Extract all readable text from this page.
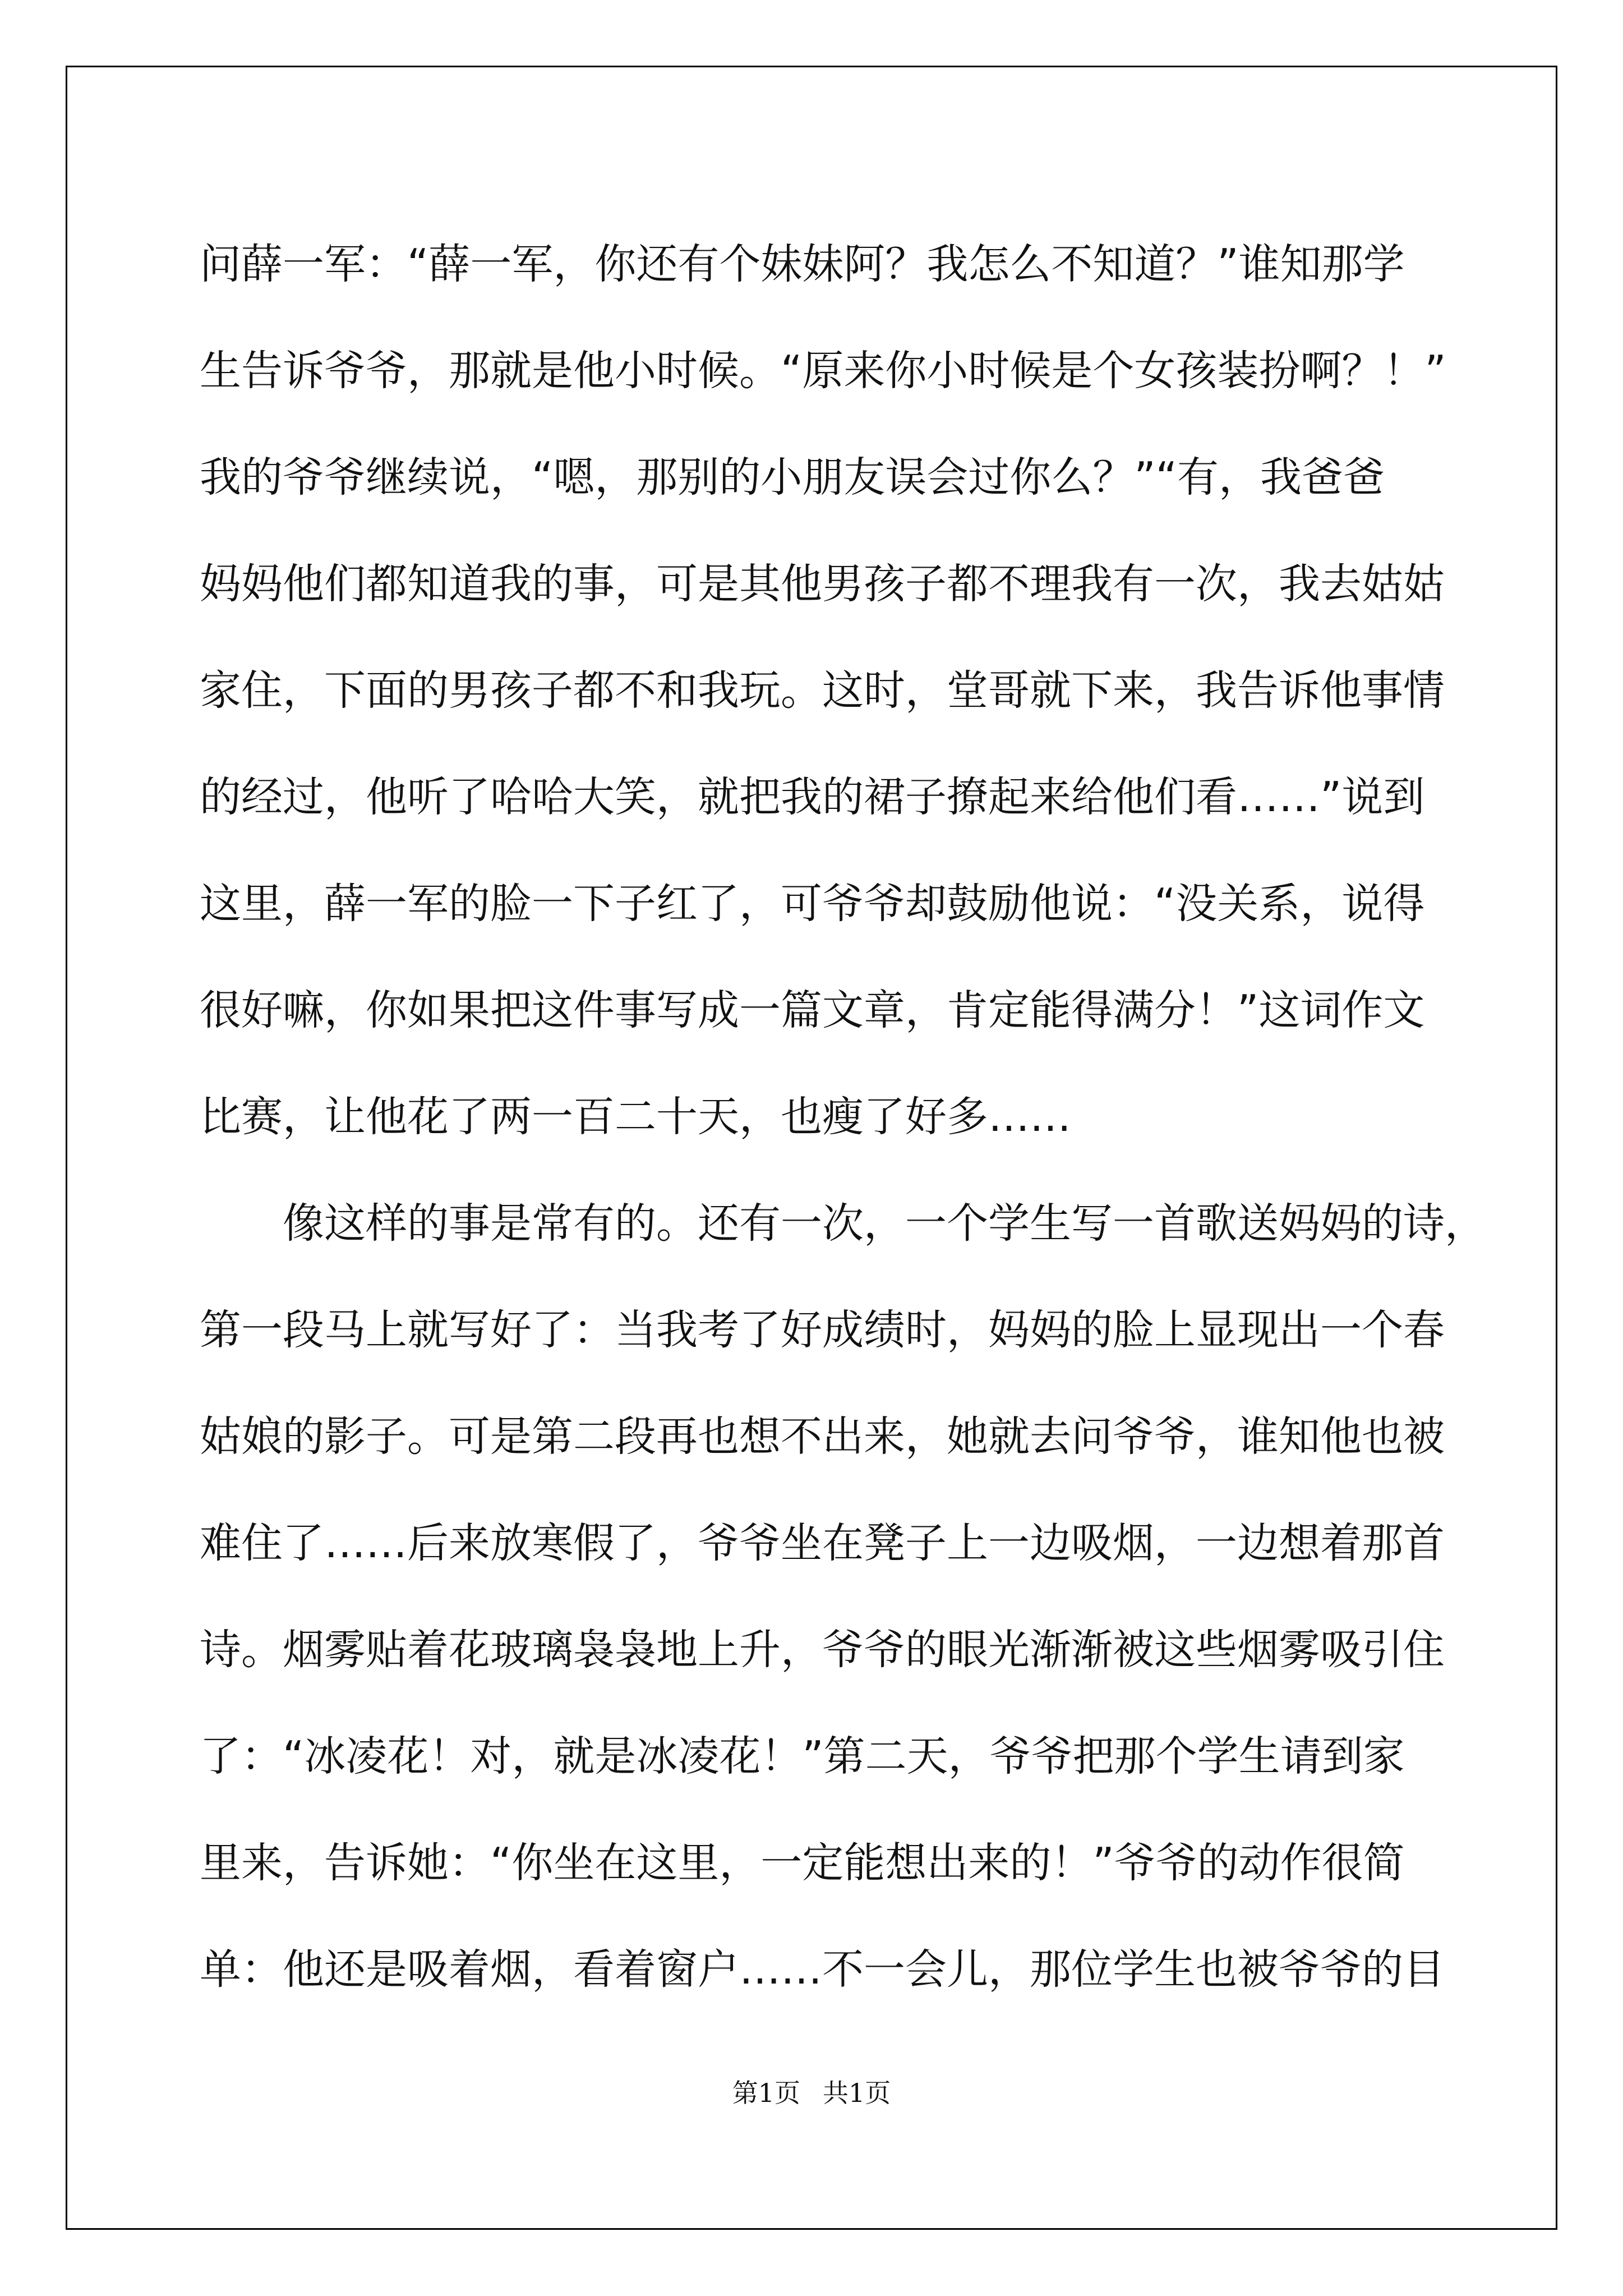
问薛一军：“薛一军，你还有个妹妹阿？我怎么不知道？”谁知那学
生告诉爷爷，那就是他小时候。“原来你小时候是个女孩装扮啊？！”
我的爷爷继续说，“嗯，那别的小朋友误会过你么？”“有，我爸爸
妈妈他们都知道我的事，可是其他男孩子都不理我有一次，我去姑姑
家住，下面的男孩子都不和我玩。这时，堂哥就下来，我告诉他事情
的经过，他听了哈哈大笑，就把我的裙子撩起来给他们看……”说到
这里，薛一军的脸一下子红了，可爷爷却鼓励他说：“没关系，说得
很好嘛，你如果把这件事写成一篇文章，肯定能得满分！”这词作文
比赛，让他花了两一百二十天，也瘦了好多……
像这样的事是常有的。还有一次，一个学生写一首歌送妈妈的诗，
第一段马上就写好了：当我考了好成绩时，妈妈的脸上显现出一个春
姑娘的影子。可是第二段再也想不出来，她就去问爷爷，谁知他也被
难住了……后来放寒假了，爷爷坐在凳子上一边吸烟，一边想着那首
诗。烟雾贴着花玻璃袅袅地上升，爷爷的眼光渐渐被这些烟雾吸引住
了：“冰凌花！对，就是冰凌花！”第二天，爷爷把那个学生请到家
里来，告诉她：“你坐在这里，一定能想出来的！”爷爷的动作很简
单：他还是吸着烟，看着窗户……不一会儿，那位学生也被爷爷的目
第1页 共1页
